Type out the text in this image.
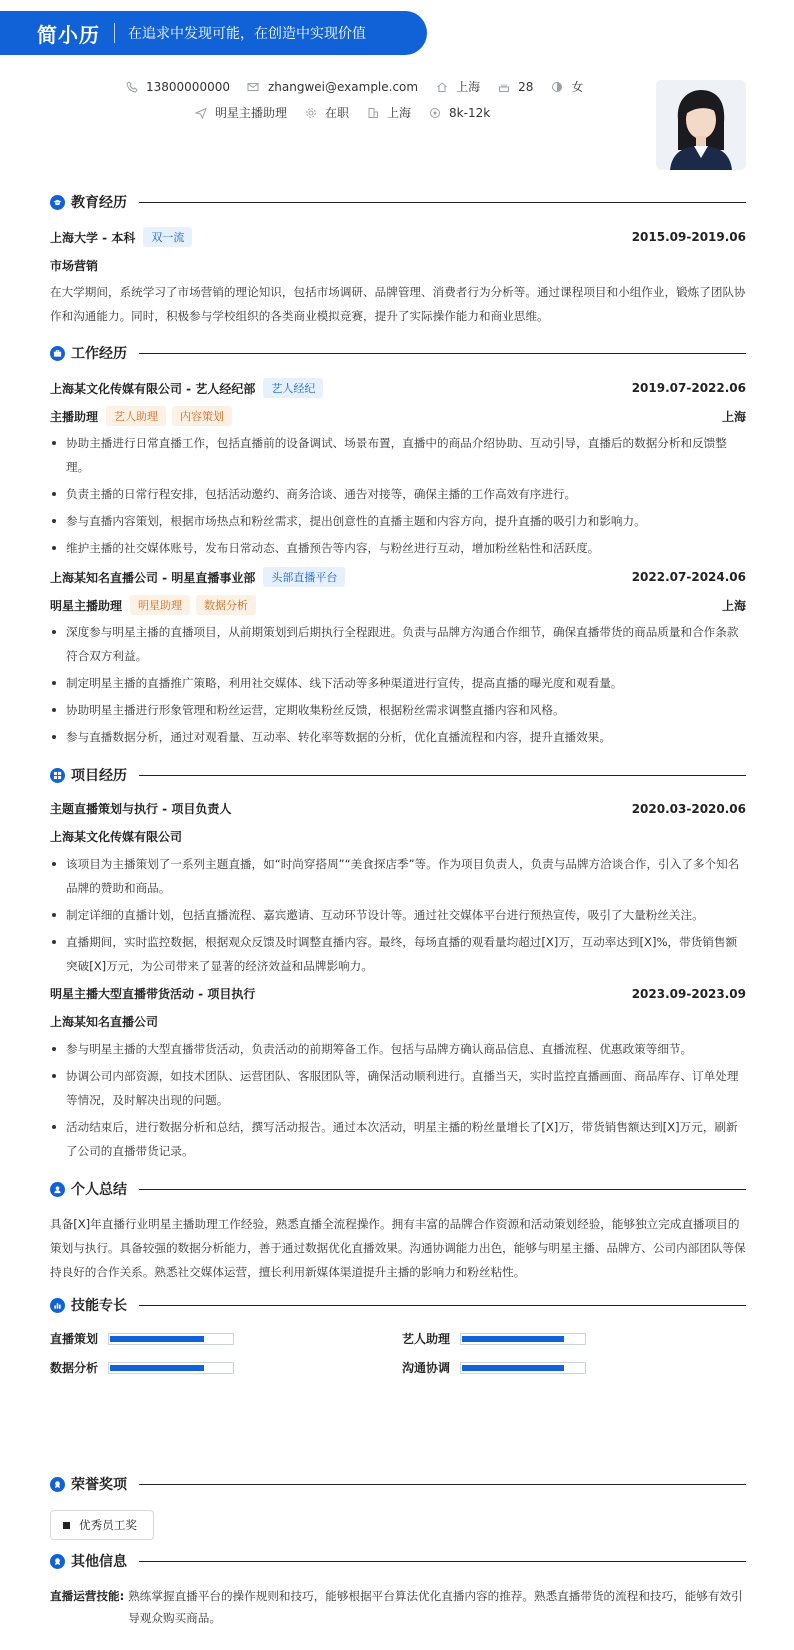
简小历 在追求中发现可能，在创造中实现价值
13800000000	zhangwei@example.com	上海	28	女
明星主播助理	在职	上海	8k-12k
教育经历
上海大学 - 本科	双一流	2015.09-2019.06
市场营销
在大学期间，系统学习了市场营销的理论知识，包括市场调研、品牌管理、消费者行为分析等。通过课程项目和小组作业，锻炼了团队协作和沟通能力。同时，积极参与学校组织的各类商业模拟竞赛，提升了实际操作能力和商业思维。
工作经历
上海某文化传媒有限公司 - 艺人经纪部	艺人经纪	2019.07-2022.06
主播助理	艺人助理	内容策划	上海
协助主播进行日常直播工作，包括直播前的设备调试、场景布置，直播中的商品介绍协助、互动引导，直播后的数据分析和反馈整理。
负责主播的日常行程安排，包括活动邀约、商务洽谈、通告对接等，确保主播的工作高效有序进行。
参与直播内容策划，根据市场热点和粉丝需求，提出创意性的直播主题和内容方向，提升直播的吸引力和影响力。
维护主播的社交媒体账号，发布日常动态、直播预告等内容，与粉丝进行互动，增加粉丝粘性和活跃度。
上海某知名直播公司 - 明星直播事业部	头部直播平台	2022.07-2024.06
明星主播助理	明星助理	数据分析	上海
深度参与明星主播的直播项目，从前期策划到后期执行全程跟进。负责与品牌方沟通合作细节，确保直播带货的商品质量和合作条款符合双方利益。
制定明星主播的直播推广策略，利用社交媒体、线下活动等多种渠道进行宣传，提高直播的曝光度和观看量。
协助明星主播进行形象管理和粉丝运营，定期收集粉丝反馈，根据粉丝需求调整直播内容和风格。
参与直播数据分析，通过对观看量、互动率、转化率等数据的分析，优化直播流程和内容，提升直播效果。
项目经历
主题直播策划与执行 - 项目负责人	2020.03-2020.06
上海某文化传媒有限公司
该项目为主播策划了一系列主题直播，如“时尚穿搭周”“美食探店季”等。作为项目负责人，负责与品牌方洽谈合作，引入了多个知名品牌的赞助和商品。
制定详细的直播计划，包括直播流程、嘉宾邀请、互动环节设计等。通过社交媒体平台进行预热宣传，吸引了大量粉丝关注。
直播期间，实时监控数据，根据观众反馈及时调整直播内容。最终，每场直播的观看量均超过[X]万，互动率达到[X]%，带货销售额突破[X]万元，为公司带来了显著的经济效益和品牌影响力。
明星主播大型直播带货活动 - 项目执行	2023.09-2023.09
上海某知名直播公司
参与明星主播的大型直播带货活动，负责活动的前期筹备工作。包括与品牌方确认商品信息、直播流程、优惠政策等细节。
协调公司内部资源，如技术团队、运营团队、客服团队等，确保活动顺利进行。直播当天，实时监控直播画面、商品库存、订单处理等情况，及时解决出现的问题。
活动结束后，进行数据分析和总结，撰写活动报告。通过本次活动，明星主播的粉丝量增长了[X]万，带货销售额达到[X]万元，刷新了公司的直播带货记录。
个人总结
具备[X]年直播行业明星主播助理工作经验，熟悉直播全流程操作。拥有丰富的品牌合作资源和活动策划经验，能够独立完成直播项目的策划与执行。具备较强的数据分析能力，善于通过数据优化直播效果。沟通协调能力出色，能够与明星主播、品牌方、公司内部团队等保持良好的合作关系。熟悉社交媒体运营，擅长利用新媒体渠道提升主播的影响力和粉丝粘性。
技能专长
直播策划	艺人助理
数据分析	沟通协调
荣誉奖项
优秀员工奖
其他信息
直播运营技能: 熟练掌握直播平台的操作规则和技巧，能够根据平台算法优化直播内容的推荐。熟悉直播带货的流程和技巧，能够有效引导观众购买商品。
